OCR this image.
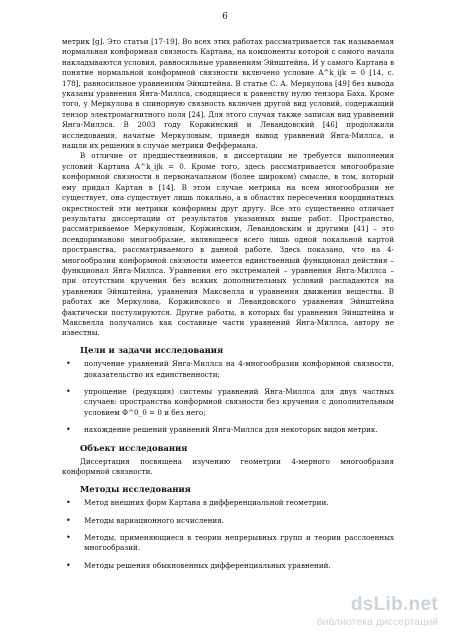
6

метрик [g]. Это статьи [17-19]. Во всех этих работах рассматривается так называемая нормальная конформная связность Картана, на компоненты которой с самого начала накладываются условия, равносильные уравнениям Эйнштейна. И у самого Картана в понятие нормальной конформной связности включено условие A^k_ijk = 0 [14, с. 178], равносильное уравнениям Эйнштейна. В статье С. А. Меркулова [49] без вывода указаны уравнения Янга-Миллса, сводящиеся к равенству нулю тензора Баха. Кроме того, у Меркулова в спинорную связность включен другой вид условий, содержащий тензор электромагнитного поля [24]. Для этого случая также записан вид уравнений Янга-Миллса. В 2003 году Коржинский и Левандовский [46] продолжили исследования, начатые Меркуловым, приведя вывод уравнений Янга-Миллса, и нашли их решения в случае метрики Фефферманa.

В отличие от предшественников, в диссертации не требуется выполнения условий Картана A^k_ijk = 0. Кроме того, здесь рассматривается многообразие конформной связности в первоначальном (более широком) смысле, в том, который ему придал Картан в [14]. В этом случае метрика на всем многообразии не существует, она существует лишь локально, а в областях пересечения координатных окрестностей эти метрики конформны друг другу. Все это существенно отличает результаты диссертации от результатов указанных выше работ. Пространство, рассматриваемое Меркуловым, Коржинским, Левандовским и другими [41] – это псевдориманово многообразие, являющееся всего лишь одной локальной картой пространства, рассматриваемого в данной работе. Здесь показано, что на 4-многообразии конформной связности имеется единственный функционал действия – функционал Янга-Миллса. Уравнения его экстремалей – уравнения Янга-Миллса – при отсутствии кручения без всяких дополнительных условий распадаются на уравнения Эйнштейна, уравнения Максвелла и уравнения движения вещества. В работах же Меркулова, Коржинского и Левандовского уравнения Эйнштейна фактически постулируются. Другие работы, в которых бы уравнения Эйнштейна и Максвелла получались как составные части уравнений Янга-Миллса, автору не известны.

Цели и задачи исследования
• получение уравнений Янга-Миллса на 4-многообразии конформной связности, доказательство их единственности;
• упрощение (редукция) системы уравнений Янга-Миллса для двух частных случаев: пространства конформной связности без кручения с дополнительным условием Φ^0_0 = 0 и без него;
• нахождение решений уравнений Янга-Миллса для некоторых видов метрик.
Объект исследования

Диссертация посвящена изучению геометрии 4-мерного многообразия конформной связности.

Методы исследования
• Метод внешних форм Картана в дифференциальной геометрии.
• Методы вариационного исчисления.
• Методы, применяющиеся в теории непрерывных групп и теории расслоенных многообразий.
• Методы решения обыкновенных дифференциальных уравнений.
dsLib.net
библиотека диссертаций
